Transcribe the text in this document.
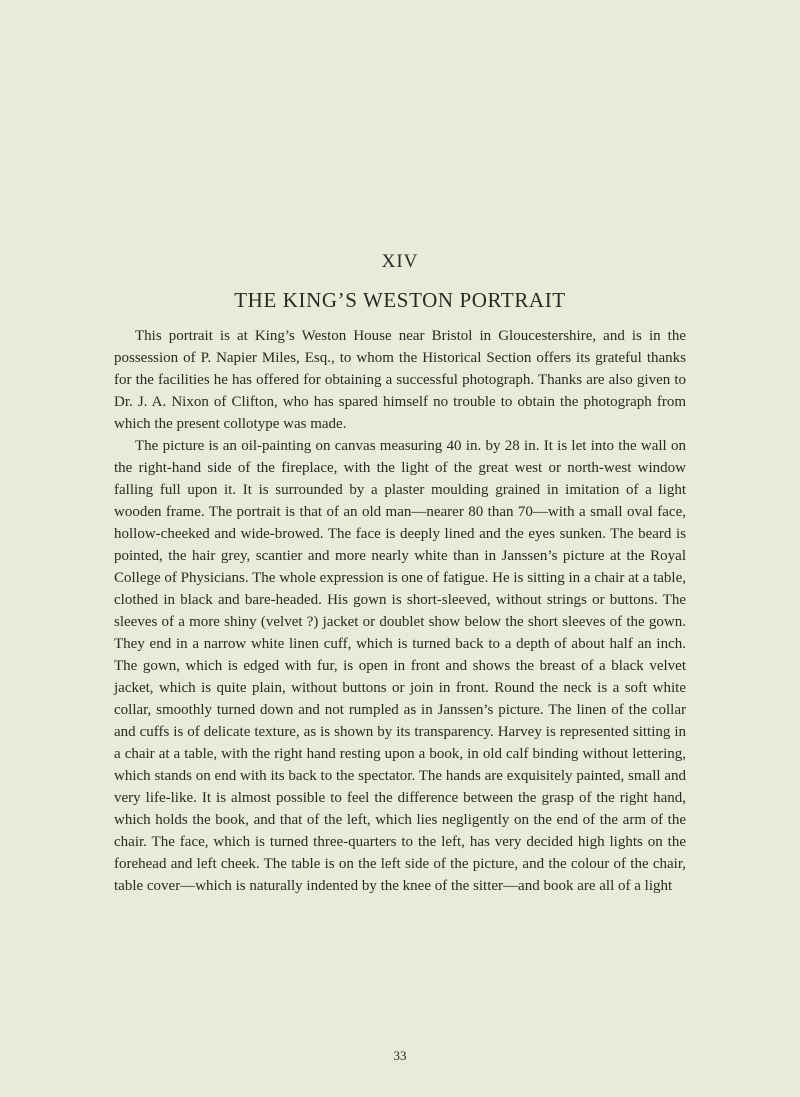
XIV
THE KING’S WESTON PORTRAIT

This portrait is at King’s Weston House near Bristol in Gloucestershire, and is in the possession of P. Napier Miles, Esq., to whom the Historical Section offers its grateful thanks for the facilities he has offered for obtaining a successful photograph. Thanks are also given to Dr. J. A. Nixon of Clifton, who has spared himself no trouble to obtain the photograph from which the present collotype was made.

The picture is an oil-painting on canvas measuring 40 in. by 28 in. It is let into the wall on the right-hand side of the fireplace, with the light of the great west or north-west window falling full upon it. It is surrounded by a plaster moulding grained in imitation of a light wooden frame. The portrait is that of an old man—nearer 80 than 70—with a small oval face, hollow-cheeked and wide-browed. The face is deeply lined and the eyes sunken. The beard is pointed, the hair grey, scantier and more nearly white than in Janssen’s picture at the Royal College of Physicians. The whole expression is one of fatigue. He is sitting in a chair at a table, clothed in black and bare-headed. His gown is short-sleeved, without strings or buttons. The sleeves of a more shiny (velvet ?) jacket or doublet show below the short sleeves of the gown. They end in a narrow white linen cuff, which is turned back to a depth of about half an inch. The gown, which is edged with fur, is open in front and shows the breast of a black velvet jacket, which is quite plain, without buttons or join in front. Round the neck is a soft white collar, smoothly turned down and not rumpled as in Janssen’s picture. The linen of the collar and cuffs is of delicate texture, as is shown by its transparency. Harvey is represented sitting in a chair at a table, with the right hand resting upon a book, in old calf binding without lettering, which stands on end with its back to the spectator. The hands are exquisitely painted, small and very life-like. It is almost possible to feel the difference between the grasp of the right hand, which holds the book, and that of the left, which lies negligently on the end of the arm of the chair. The face, which is turned three-quarters to the left, has very decided high lights on the forehead and left cheek. The table is on the left side of the picture, and the colour of the chair, table cover—which is naturally indented by the knee of the sitter—and book are all of a light

33
